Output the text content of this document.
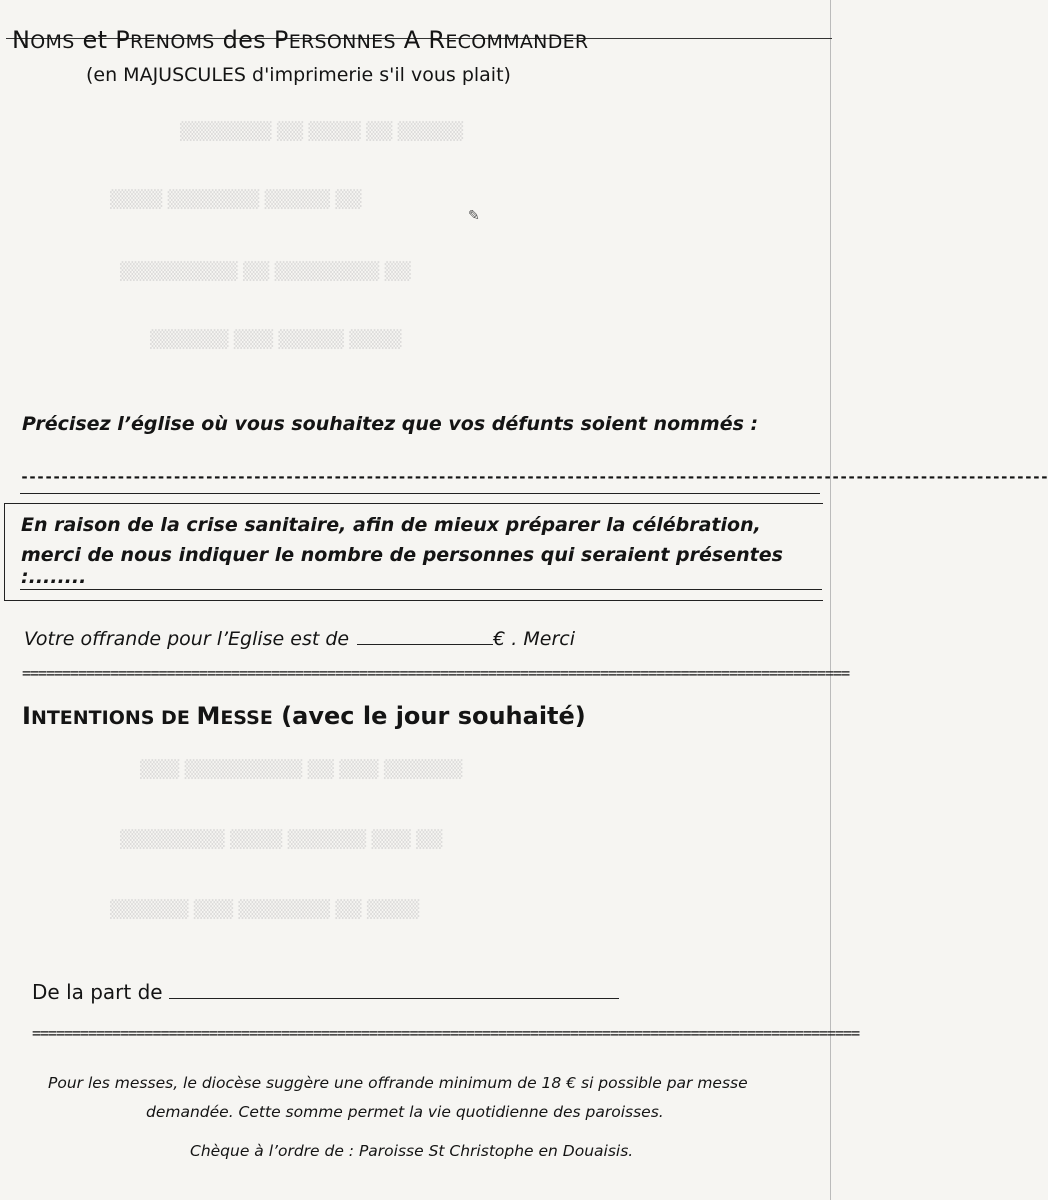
▒▒▒▒▒ ▒▒ ▒▒▒▒ ▒▒ ▒▒▒▒▒▒▒
▒▒ ▒▒▒▒▒ ▒▒▒▒▒▒▒ ▒▒▒▒
▒▒ ▒▒▒▒▒▒▒▒ ▒▒ ▒▒▒▒▒▒▒▒▒
▒▒▒▒ ▒▒▒▒▒ ▒▒▒ ▒▒▒▒▒▒
▒▒▒▒▒▒ ▒▒▒ ▒▒ ▒▒▒▒▒▒▒▒▒ ▒▒▒
▒▒ ▒▒▒ ▒▒▒▒▒▒ ▒▒▒▒ ▒▒▒▒▒▒▒▒
▒▒▒▒ ▒▒ ▒▒▒▒▒▒▒ ▒▒▒ ▒▒▒▒▒▒
✎
NOMS et PRENOMS des PERSONNES A RECOMMANDER
(en MAJUSCULES d'imprimerie s'il vous plait)
Précisez l’église où vous souhaitez que vos défunts soient nommés :
--------------------------------------------------------------------------------------------------------------------------------
En raison de la crise sanitaire, afin de mieux préparer la célébration,
merci de nous indiquer le nombre de personnes qui seraient présentes :........
Votre offrande pour l’Eglise est de	€ . Merci
=======================================================================================================
INTENTIONS DE MESSE (avec le jour souhaité)
De la part de
=======================================================================================================
Pour les messes, le diocèse suggère une offrande minimum de 18 € si possible par messe
demandée. Cette somme permet la vie quotidienne des paroisses.
Chèque à l’ordre de : Paroisse St Christophe en Douaisis.
